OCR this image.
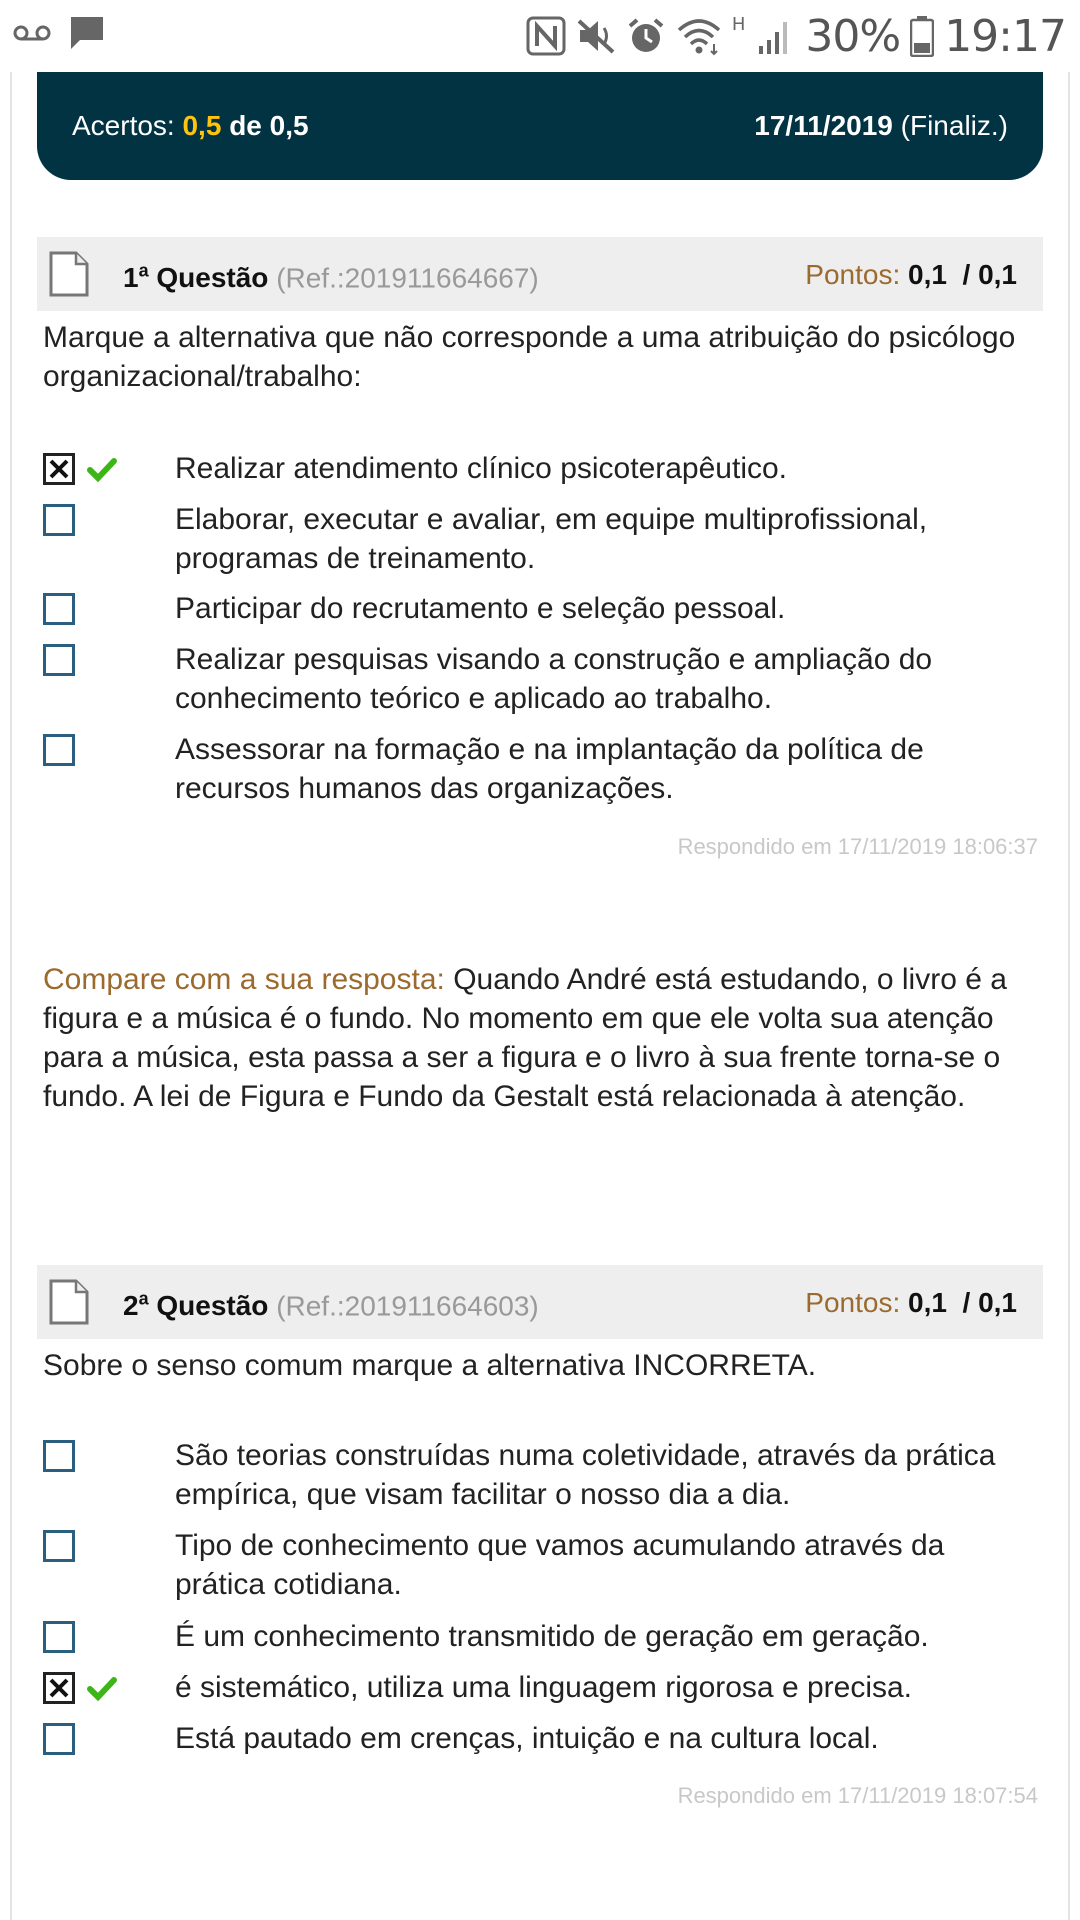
H 30% 19:17
Acertos: 0,5 de 0,5	17/11/2019 (Finaliz.)
1$^a$ Questão (Ref.:201911664667)	Pontos: 0,1 / 0,1
Marque a alternativa que não corresponde a uma atribuição do psicólogo organizacional/trabalho:
Realizar atendimento clínico psicoterapêutico.
Elaborar, executar e avaliar, em equipe multiprofissional, programas de treinamento.
Participar do recrutamento e seleção pessoal.
Realizar pesquisas visando a construção e ampliação do conhecimento teórico e aplicado ao trabalho.
Assessorar na formação e na implantação da política de recursos humanos das organizações.
Respondido em 17/11/2019 18:06:37
Compare com a sua resposta: Quando André está estudando, o livro é a figura e a música é o fundo. No momento em que ele volta sua atenção para a música, esta passa a ser a figura e o livro à sua frente torna-se o fundo. A lei de Figura e Fundo da Gestalt está relacionada à atenção.
2$^a$ Questão (Ref.:201911664603)	Pontos: 0,1 / 0,1
Sobre o senso comum marque a alternativa INCORRETA.
São teorias construídas numa coletividade, através da prática empírica, que visam facilitar o nosso dia a dia.
Tipo de conhecimento que vamos acumulando através da prática cotidiana.
É um conhecimento transmitido de geração em geração.
é sistemático, utiliza uma linguagem rigorosa e precisa.
Está pautado em crenças, intuição e na cultura local.
Respondido em 17/11/2019 18:07:54
